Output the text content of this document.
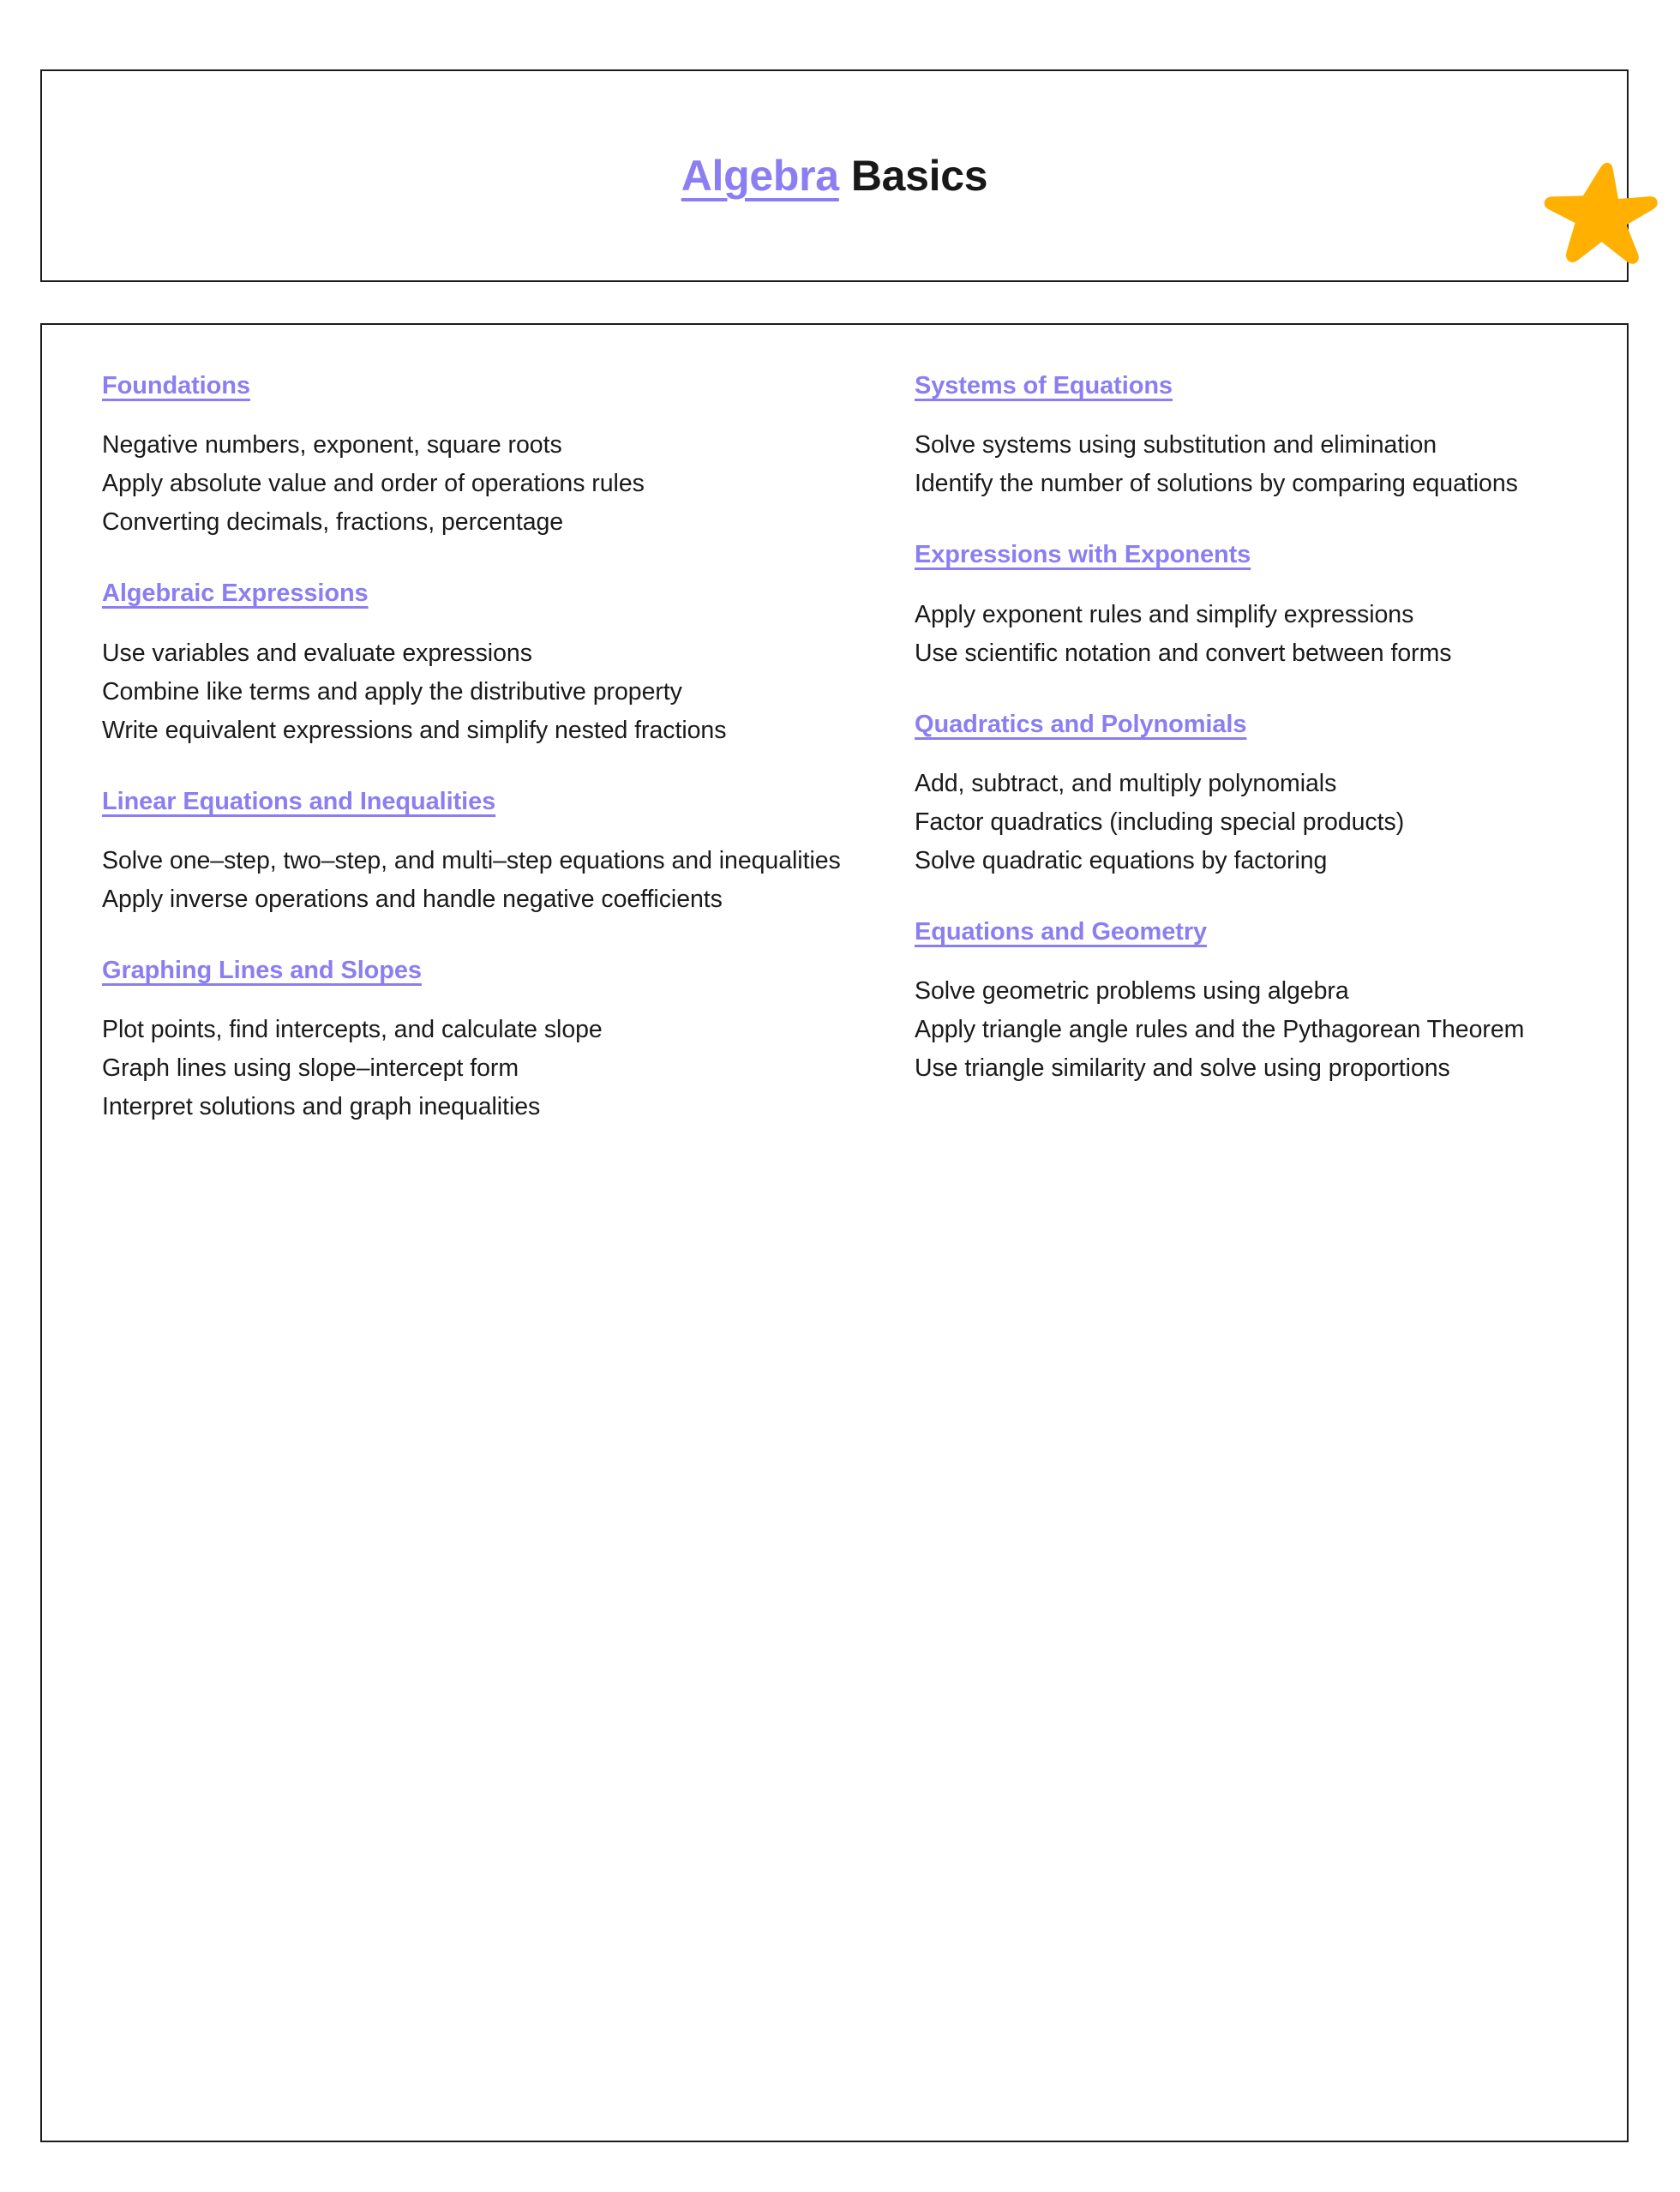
Algebra Basics
Foundations
Negative numbers, exponent, square roots
Apply absolute value and order of operations rules
Converting decimals, fractions, percentage
Algebraic Expressions
Use variables and evaluate expressions
Combine like terms and apply the distributive property
Write equivalent expressions and simplify nested fractions
Linear Equations and Inequalities
Solve one–step, two–step, and multi–step equations and inequalities
Apply inverse operations and handle negative coefficients
Graphing Lines and Slopes
Plot points, find intercepts, and calculate slope
Graph lines using slope–intercept form
Interpret solutions and graph inequalities
Systems of Equations
Solve systems using substitution and elimination
Identify the number of solutions by comparing equations
Expressions with Exponents
Apply exponent rules and simplify expressions
Use scientific notation and convert between forms
Quadratics and Polynomials
Add, subtract, and multiply polynomials
Factor quadratics (including special products)
Solve quadratic equations by factoring
Equations and Geometry
Solve geometric problems using algebra
Apply triangle angle rules and the Pythagorean Theorem
Use triangle similarity and solve using proportions
